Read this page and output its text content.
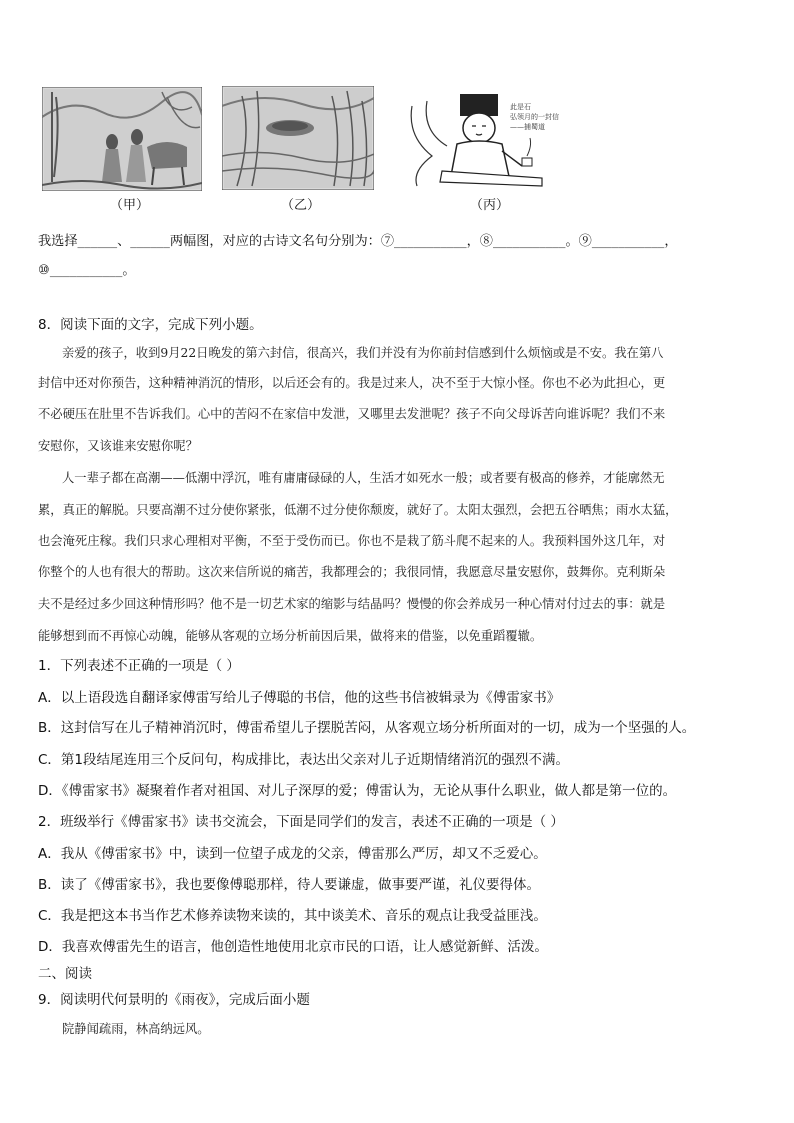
（甲）	（乙）
此是石
弘领月的一封信
——捕蜀道
（丙）
我选择______、______两幅图，对应的古诗文名句分别为：⑦___________，⑧___________。⑨___________，
⑩___________。
8．阅读下面的文字，完成下列小题。
亲爱的孩子，收到9月22日晚发的第六封信，很高兴，我们并没有为你前封信感到什么烦恼或是不安。我在第八
封信中还对你预告，这种精神消沉的情形，以后还会有的。我是过来人，决不至于大惊小怪。你也不必为此担心，更
不必硬压在肚里不告诉我们。心中的苦闷不在家信中发泄，又哪里去发泄呢？孩子不向父母诉苦向谁诉呢？我们不来
安慰你，又该谁来安慰你呢？
人一辈子都在高潮——低潮中浮沉，唯有庸庸碌碌的人，生活才如死水一般；或者要有极高的修养，才能廓然无
累，真正的解脱。只要高潮不过分使你紧张，低潮不过分使你颓废，就好了。太阳太强烈，会把五谷晒焦；雨水太猛，
也会淹死庄稼。我们只求心理相对平衡，不至于受伤而已。你也不是栽了筋斗爬不起来的人。我预料国外这几年，对
你整个的人也有很大的帮助。这次来信所说的痛苦，我都理会的；我很同情，我愿意尽量安慰你，鼓舞你。克利斯朵
夫不是经过多少回这种情形吗？他不是一切艺术家的缩影与结晶吗？慢慢的你会养成另一种心情对付过去的事：就是
能够想到而不再惊心动魄，能够从客观的立场分析前因后果，做将来的借鉴，以免重蹈覆辙。
1．下列表述不正确的一项是（ ）
A．以上语段选自翻译家傅雷写给儿子傅聪的书信，他的这些书信被辑录为《傅雷家书》
B．这封信写在儿子精神消沉时，傅雷希望儿子摆脱苦闷，从客观立场分析所面对的一切，成为一个坚强的人。
C．第1段结尾连用三个反问句，构成排比，表达出父亲对儿子近期情绪消沉的强烈不满。
D．《傅雷家书》凝聚着作者对祖国、对儿子深厚的爱；傅雷认为，无论从事什么职业，做人都是第一位的。
2．班级举行《傅雷家书》读书交流会，下面是同学们的发言，表述不正确的一项是（ ）
A．我从《傅雷家书》中，读到一位望子成龙的父亲，傅雷那么严厉，却又不乏爱心。
B．读了《傅雷家书》，我也要像傅聪那样，待人要谦虚，做事要严谨，礼仪要得体。
C．我是把这本书当作艺术修养读物来读的，其中谈美术、音乐的观点让我受益匪浅。
D．我喜欢傅雷先生的语言，他创造性地使用北京市民的口语，让人感觉新鲜、活泼。
二、阅读
9．阅读明代何景明的《雨夜》，完成后面小题
院静闻疏雨，林高纳远风。
